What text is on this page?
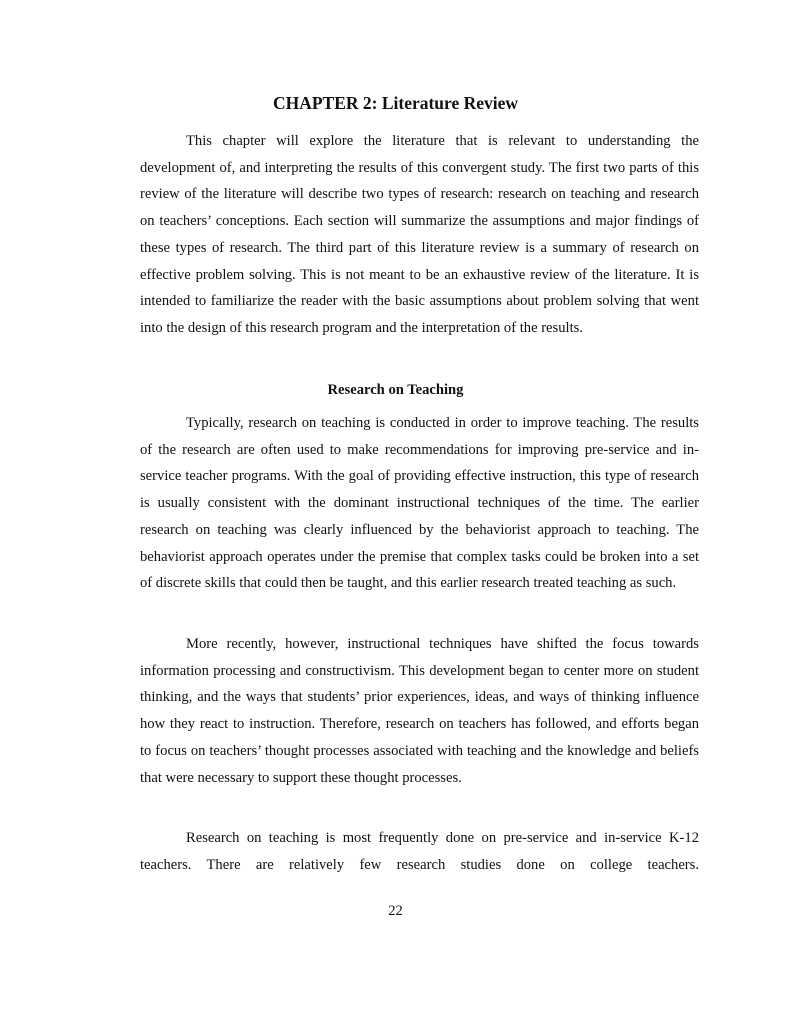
CHAPTER 2: Literature Review

This chapter will explore the literature that is relevant to understanding the development of, and interpreting the results of this convergent study. The first two parts of this review of the literature will describe two types of research: research on teaching and research on teachers’ conceptions. Each section will summarize the assumptions and major findings of these types of research. The third part of this literature review is a summary of research on effective problem solving. This is not meant to be an exhaustive review of the literature. It is intended to familiarize the reader with the basic assumptions about problem solving that went into the design of this research program and the interpretation of the results.

Research on Teaching

Typically, research on teaching is conducted in order to improve teaching. The results of the research are often used to make recommendations for improving pre-service and in-service teacher programs. With the goal of providing effective instruction, this type of research is usually consistent with the dominant instructional techniques of the time. The earlier research on teaching was clearly influenced by the behaviorist approach to teaching. The behaviorist approach operates under the premise that complex tasks could be broken into a set of discrete skills that could then be taught, and this earlier research treated teaching as such.

More recently, however, instructional techniques have shifted the focus towards information processing and constructivism. This development began to center more on student thinking, and the ways that students’ prior experiences, ideas, and ways of thinking influence how they react to instruction. Therefore, research on teachers has followed, and efforts began to focus on teachers’ thought processes associated with teaching and the knowledge and beliefs that were necessary to support these thought processes.

Research on teaching is most frequently done on pre-service and in-service K-12 teachers. There are relatively few research studies done on college teachers.

22
